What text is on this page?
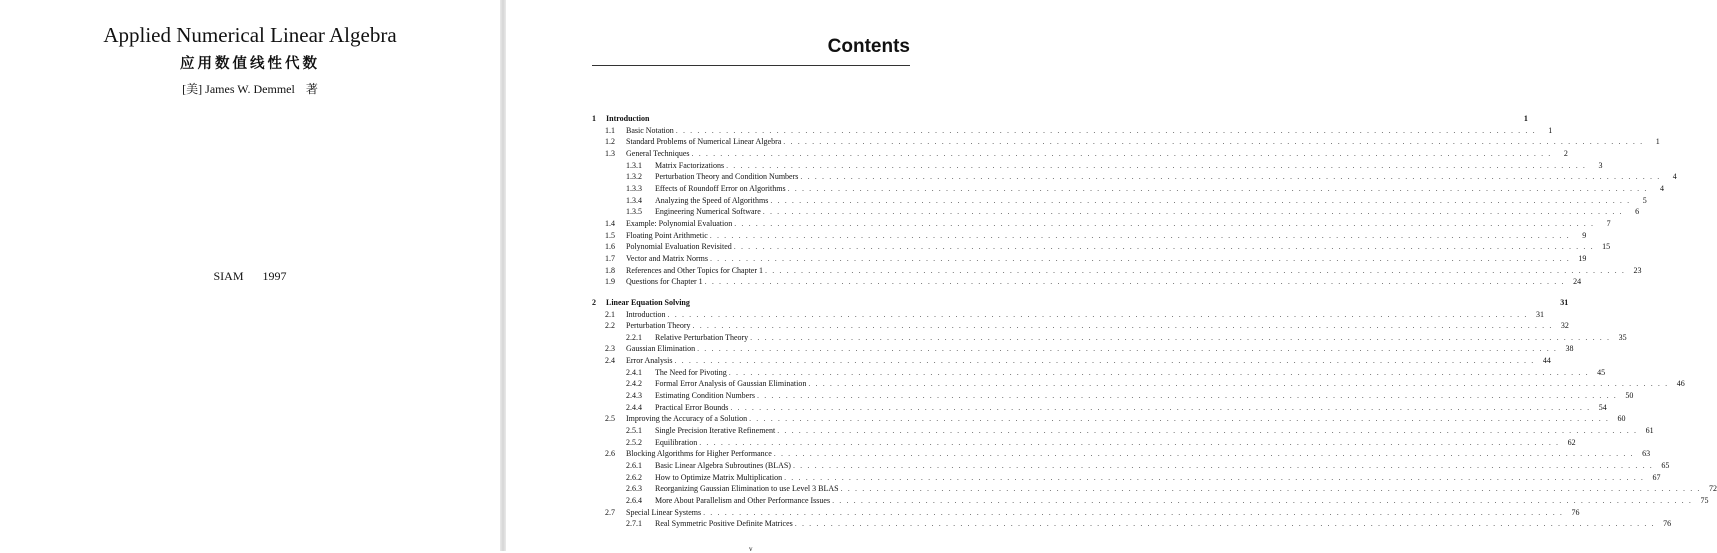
Applied Numerical Linear Algebra
应用数值线性代数
[美] James W. Demmel 著
SIAM 1997
Contents
1	Introduction	1
1.1	Basic Notation . . . . . . . . . . . . . . . . . . . . . . . . . . . . . . . . . . . . . . . . . . . . . . . . . . . . . . . . . . . . . . . . . . . . . . . . . . . . . . . . . . . . . . . . . . . . . . . . . . . . . . . . . . . . . . . . . . . . . . . .	1
1.2	Standard Problems of Numerical Linear Algebra . . . . . . . . . . . . . . . . . . . . . . . . . . . . . . . . . . . . . . . . . . . . . . . . . . . . . . . . . . . . . . . . . . . . . . . . . . . . . . . . . . . . . . . . . . . . . . . . . . . . . . . . . . . . . . . . . . . . . . . .	1
1.3	General Techniques . . . . . . . . . . . . . . . . . . . . . . . . . . . . . . . . . . . . . . . . . . . . . . . . . . . . . . . . . . . . . . . . . . . . . . . . . . . . . . . . . . . . . . . . . . . . . . . . . . . . . . . . . . . . . . . . . . . . . . . .	2
1.3.1	Matrix Factorizations . . . . . . . . . . . . . . . . . . . . . . . . . . . . . . . . . . . . . . . . . . . . . . . . . . . . . . . . . . . . . . . . . . . . . . . . . . . . . . . . . . . . . . . . . . . . . . . . . . . . . . . . . . . . . . . . . . . . . . . .	3
1.3.2	Perturbation Theory and Condition Numbers . . . . . . . . . . . . . . . . . . . . . . . . . . . . . . . . . . . . . . . . . . . . . . . . . . . . . . . . . . . . . . . . . . . . . . . . . . . . . . . . . . . . . . . . . . . . . . . . . . . . . . . . . . . . . . . . . . . . . . . .	4
1.3.3	Effects of Roundoff Error on Algorithms . . . . . . . . . . . . . . . . . . . . . . . . . . . . . . . . . . . . . . . . . . . . . . . . . . . . . . . . . . . . . . . . . . . . . . . . . . . . . . . . . . . . . . . . . . . . . . . . . . . . . . . . . . . . . . . . . . . . . . . .	4
1.3.4	Analyzing the Speed of Algorithms . . . . . . . . . . . . . . . . . . . . . . . . . . . . . . . . . . . . . . . . . . . . . . . . . . . . . . . . . . . . . . . . . . . . . . . . . . . . . . . . . . . . . . . . . . . . . . . . . . . . . . . . . . . . . . . . . . . . . . . .	5
1.3.5	Engineering Numerical Software . . . . . . . . . . . . . . . . . . . . . . . . . . . . . . . . . . . . . . . . . . . . . . . . . . . . . . . . . . . . . . . . . . . . . . . . . . . . . . . . . . . . . . . . . . . . . . . . . . . . . . . . . . . . . . . . . . . . . . . .	6
1.4	Example: Polynomial Evaluation . . . . . . . . . . . . . . . . . . . . . . . . . . . . . . . . . . . . . . . . . . . . . . . . . . . . . . . . . . . . . . . . . . . . . . . . . . . . . . . . . . . . . . . . . . . . . . . . . . . . . . . . . . . . . . . . . . . . . . . .	7
1.5	Floating Point Arithmetic . . . . . . . . . . . . . . . . . . . . . . . . . . . . . . . . . . . . . . . . . . . . . . . . . . . . . . . . . . . . . . . . . . . . . . . . . . . . . . . . . . . . . . . . . . . . . . . . . . . . . . . . . . . . . . . . . . . . . . . .	9
1.6	Polynomial Evaluation Revisited . . . . . . . . . . . . . . . . . . . . . . . . . . . . . . . . . . . . . . . . . . . . . . . . . . . . . . . . . . . . . . . . . . . . . . . . . . . . . . . . . . . . . . . . . . . . . . . . . . . . . . . . . . . . . . . . . . . . . . . .	15
1.7	Vector and Matrix Norms . . . . . . . . . . . . . . . . . . . . . . . . . . . . . . . . . . . . . . . . . . . . . . . . . . . . . . . . . . . . . . . . . . . . . . . . . . . . . . . . . . . . . . . . . . . . . . . . . . . . . . . . . . . . . . . . . . . . . . . .	19
1.8	References and Other Topics for Chapter 1 . . . . . . . . . . . . . . . . . . . . . . . . . . . . . . . . . . . . . . . . . . . . . . . . . . . . . . . . . . . . . . . . . . . . . . . . . . . . . . . . . . . . . . . . . . . . . . . . . . . . . . . . . . . . . . . . . . . . . . . .	23
1.9	Questions for Chapter 1 . . . . . . . . . . . . . . . . . . . . . . . . . . . . . . . . . . . . . . . . . . . . . . . . . . . . . . . . . . . . . . . . . . . . . . . . . . . . . . . . . . . . . . . . . . . . . . . . . . . . . . . . . . . . . . . . . . . . . . . .	24
2	Linear Equation Solving	31
2.1	Introduction . . . . . . . . . . . . . . . . . . . . . . . . . . . . . . . . . . . . . . . . . . . . . . . . . . . . . . . . . . . . . . . . . . . . . . . . . . . . . . . . . . . . . . . . . . . . . . . . . . . . . . . . . . . . . . . . . . . . . . . .	31
2.2	Perturbation Theory . . . . . . . . . . . . . . . . . . . . . . . . . . . . . . . . . . . . . . . . . . . . . . . . . . . . . . . . . . . . . . . . . . . . . . . . . . . . . . . . . . . . . . . . . . . . . . . . . . . . . . . . . . . . . . . . . . . . . . . .	32
2.2.1	Relative Perturbation Theory . . . . . . . . . . . . . . . . . . . . . . . . . . . . . . . . . . . . . . . . . . . . . . . . . . . . . . . . . . . . . . . . . . . . . . . . . . . . . . . . . . . . . . . . . . . . . . . . . . . . . . . . . . . . . . . . . . . . . . . .	35
2.3	Gaussian Elimination . . . . . . . . . . . . . . . . . . . . . . . . . . . . . . . . . . . . . . . . . . . . . . . . . . . . . . . . . . . . . . . . . . . . . . . . . . . . . . . . . . . . . . . . . . . . . . . . . . . . . . . . . . . . . . . . . . . . . . . .	38
2.4	Error Analysis . . . . . . . . . . . . . . . . . . . . . . . . . . . . . . . . . . . . . . . . . . . . . . . . . . . . . . . . . . . . . . . . . . . . . . . . . . . . . . . . . . . . . . . . . . . . . . . . . . . . . . . . . . . . . . . . . . . . . . . .	44
2.4.1	The Need for Pivoting . . . . . . . . . . . . . . . . . . . . . . . . . . . . . . . . . . . . . . . . . . . . . . . . . . . . . . . . . . . . . . . . . . . . . . . . . . . . . . . . . . . . . . . . . . . . . . . . . . . . . . . . . . . . . . . . . . . . . . . .	45
2.4.2	Formal Error Analysis of Gaussian Elimination . . . . . . . . . . . . . . . . . . . . . . . . . . . . . . . . . . . . . . . . . . . . . . . . . . . . . . . . . . . . . . . . . . . . . . . . . . . . . . . . . . . . . . . . . . . . . . . . . . . . . . . . . . . . . . . . . . . . . . . .	46
2.4.3	Estimating Condition Numbers . . . . . . . . . . . . . . . . . . . . . . . . . . . . . . . . . . . . . . . . . . . . . . . . . . . . . . . . . . . . . . . . . . . . . . . . . . . . . . . . . . . . . . . . . . . . . . . . . . . . . . . . . . . . . . . . . . . . . . . .	50
2.4.4	Practical Error Bounds . . . . . . . . . . . . . . . . . . . . . . . . . . . . . . . . . . . . . . . . . . . . . . . . . . . . . . . . . . . . . . . . . . . . . . . . . . . . . . . . . . . . . . . . . . . . . . . . . . . . . . . . . . . . . . . . . . . . . . . .	54
2.5	Improving the Accuracy of a Solution . . . . . . . . . . . . . . . . . . . . . . . . . . . . . . . . . . . . . . . . . . . . . . . . . . . . . . . . . . . . . . . . . . . . . . . . . . . . . . . . . . . . . . . . . . . . . . . . . . . . . . . . . . . . . . . . . . . . . . . .	60
2.5.1	Single Precision Iterative Refinement . . . . . . . . . . . . . . . . . . . . . . . . . . . . . . . . . . . . . . . . . . . . . . . . . . . . . . . . . . . . . . . . . . . . . . . . . . . . . . . . . . . . . . . . . . . . . . . . . . . . . . . . . . . . . . . . . . . . . . . .	61
2.5.2	Equilibration . . . . . . . . . . . . . . . . . . . . . . . . . . . . . . . . . . . . . . . . . . . . . . . . . . . . . . . . . . . . . . . . . . . . . . . . . . . . . . . . . . . . . . . . . . . . . . . . . . . . . . . . . . . . . . . . . . . . . . . .	62
2.6	Blocking Algorithms for Higher Performance . . . . . . . . . . . . . . . . . . . . . . . . . . . . . . . . . . . . . . . . . . . . . . . . . . . . . . . . . . . . . . . . . . . . . . . . . . . . . . . . . . . . . . . . . . . . . . . . . . . . . . . . . . . . . . . . . . . . . . . .	63
2.6.1	Basic Linear Algebra Subroutines (BLAS) . . . . . . . . . . . . . . . . . . . . . . . . . . . . . . . . . . . . . . . . . . . . . . . . . . . . . . . . . . . . . . . . . . . . . . . . . . . . . . . . . . . . . . . . . . . . . . . . . . . . . . . . . . . . . . . . . . . . . . . .	65
2.6.2	How to Optimize Matrix Multiplication . . . . . . . . . . . . . . . . . . . . . . . . . . . . . . . . . . . . . . . . . . . . . . . . . . . . . . . . . . . . . . . . . . . . . . . . . . . . . . . . . . . . . . . . . . . . . . . . . . . . . . . . . . . . . . . . . . . . . . . .	67
2.6.3	Reorganizing Gaussian Elimination to use Level 3 BLAS . . . . . . . . . . . . . . . . . . . . . . . . . . . . . . . . . . . . . . . . . . . . . . . . . . . . . . . . . . . . . . . . . . . . . . . . . . . . . . . . . . . . . . . . . . . . . . . . . . . . . . . . . . . . . . . . . . . . . . . .	72
2.6.4	More About Parallelism and Other Performance Issues . . . . . . . . . . . . . . . . . . . . . . . . . . . . . . . . . . . . . . . . . . . . . . . . . . . . . . . . . . . . . . . . . . . . . . . . . . . . . . . . . . . . . . . . . . . . . . . . . . . . . . . . . . . . . . . . . . . . . . . .	75
2.7	Special Linear Systems . . . . . . . . . . . . . . . . . . . . . . . . . . . . . . . . . . . . . . . . . . . . . . . . . . . . . . . . . . . . . . . . . . . . . . . . . . . . . . . . . . . . . . . . . . . . . . . . . . . . . . . . . . . . . . . . . . . . . . . .	76
2.7.1	Real Symmetric Positive Definite Matrices . . . . . . . . . . . . . . . . . . . . . . . . . . . . . . . . . . . . . . . . . . . . . . . . . . . . . . . . . . . . . . . . . . . . . . . . . . . . . . . . . . . . . . . . . . . . . . . . . . . . . . . . . . . . . . . . . . . . . . . .	76
v
